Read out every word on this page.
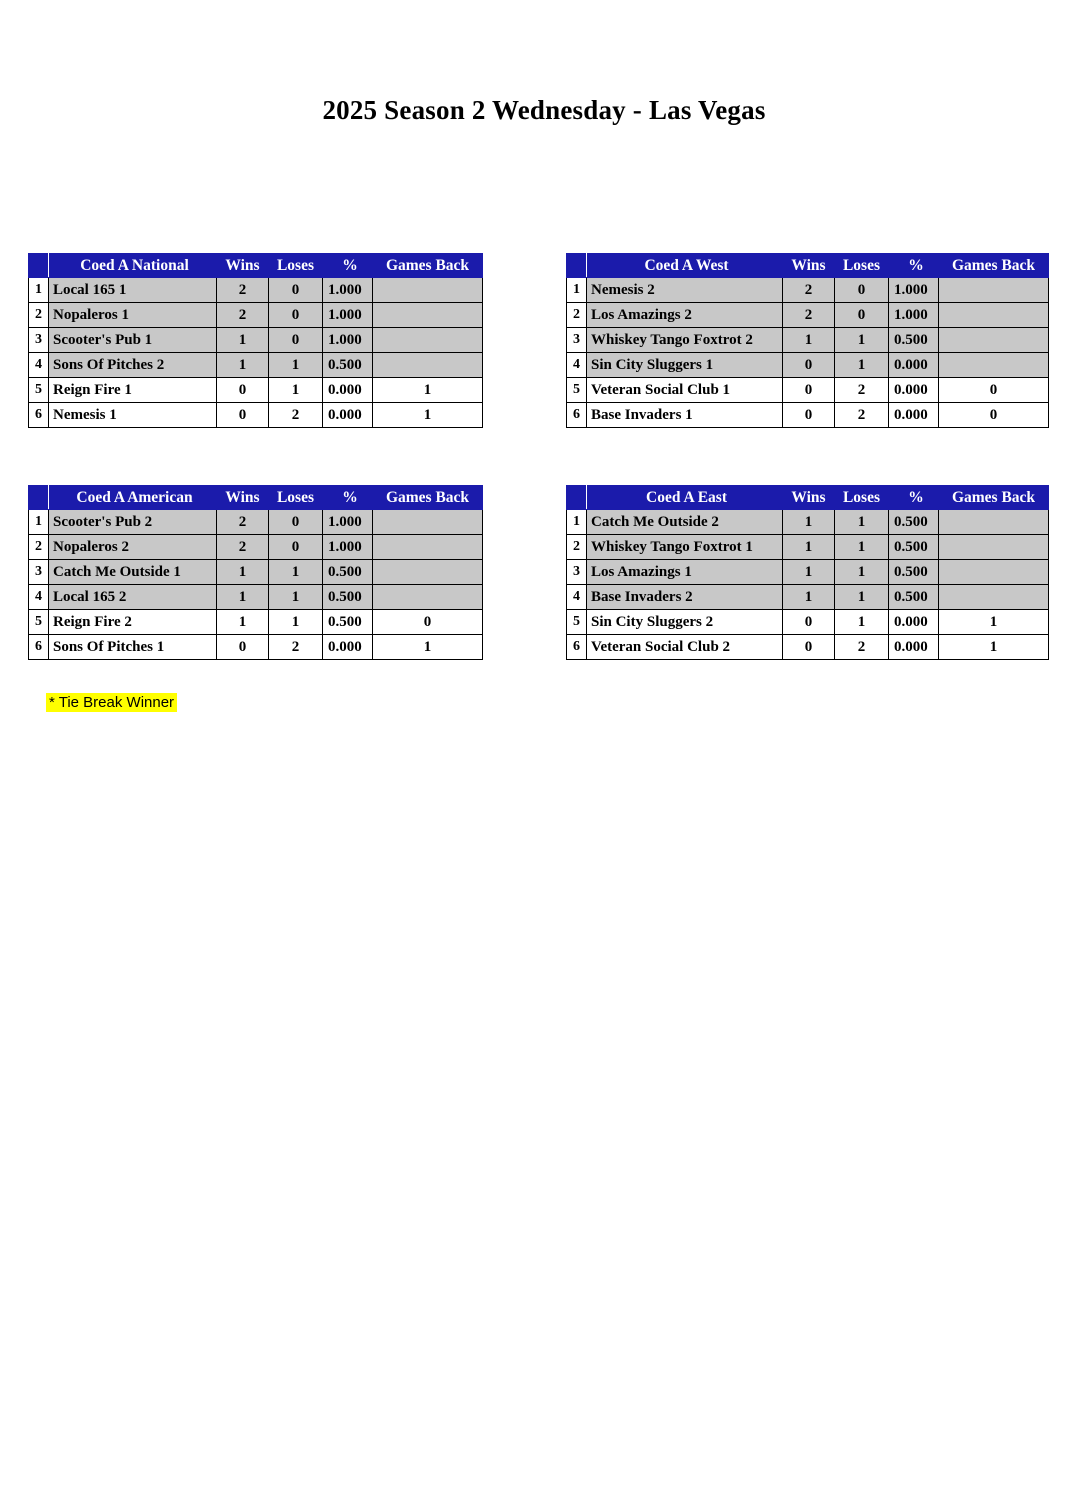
2025 Season 2 Wednesday - Las Vegas
	Coed A National	Wins	Loses	%	Games Back
1	Local 165 1	2	0	1.000	
2	Nopaleros 1	2	0	1.000	
3	Scooter's Pub 1	1	0	1.000	
4	Sons Of Pitches 2	1	1	0.500	
5	Reign Fire 1	0	1	0.000	1
6	Nemesis 1	0	2	0.000	1
	Coed A West	Wins	Loses	%	Games Back
1	Nemesis 2	2	0	1.000	
2	Los Amazings 2	2	0	1.000	
3	Whiskey Tango Foxtrot 2	1	1	0.500	
4	Sin City Sluggers 1	0	1	0.000	
5	Veteran Social Club 1	0	2	0.000	0
6	Base Invaders 1	0	2	0.000	0
	Coed A American	Wins	Loses	%	Games Back
1	Scooter's Pub 2	2	0	1.000	
2	Nopaleros 2	2	0	1.000	
3	Catch Me Outside 1	1	1	0.500	
4	Local 165 2	1	1	0.500	
5	Reign Fire 2	1	1	0.500	0
6	Sons Of Pitches 1	0	2	0.000	1
	Coed A East	Wins	Loses	%	Games Back
1	Catch Me Outside 2	1	1	0.500	
2	Whiskey Tango Foxtrot 1	1	1	0.500	
3	Los Amazings 1	1	1	0.500	
4	Base Invaders 2	1	1	0.500	
5	Sin City Sluggers 2	0	1	0.000	1
6	Veteran Social Club 2	0	2	0.000	1
* Tie Break Winner
